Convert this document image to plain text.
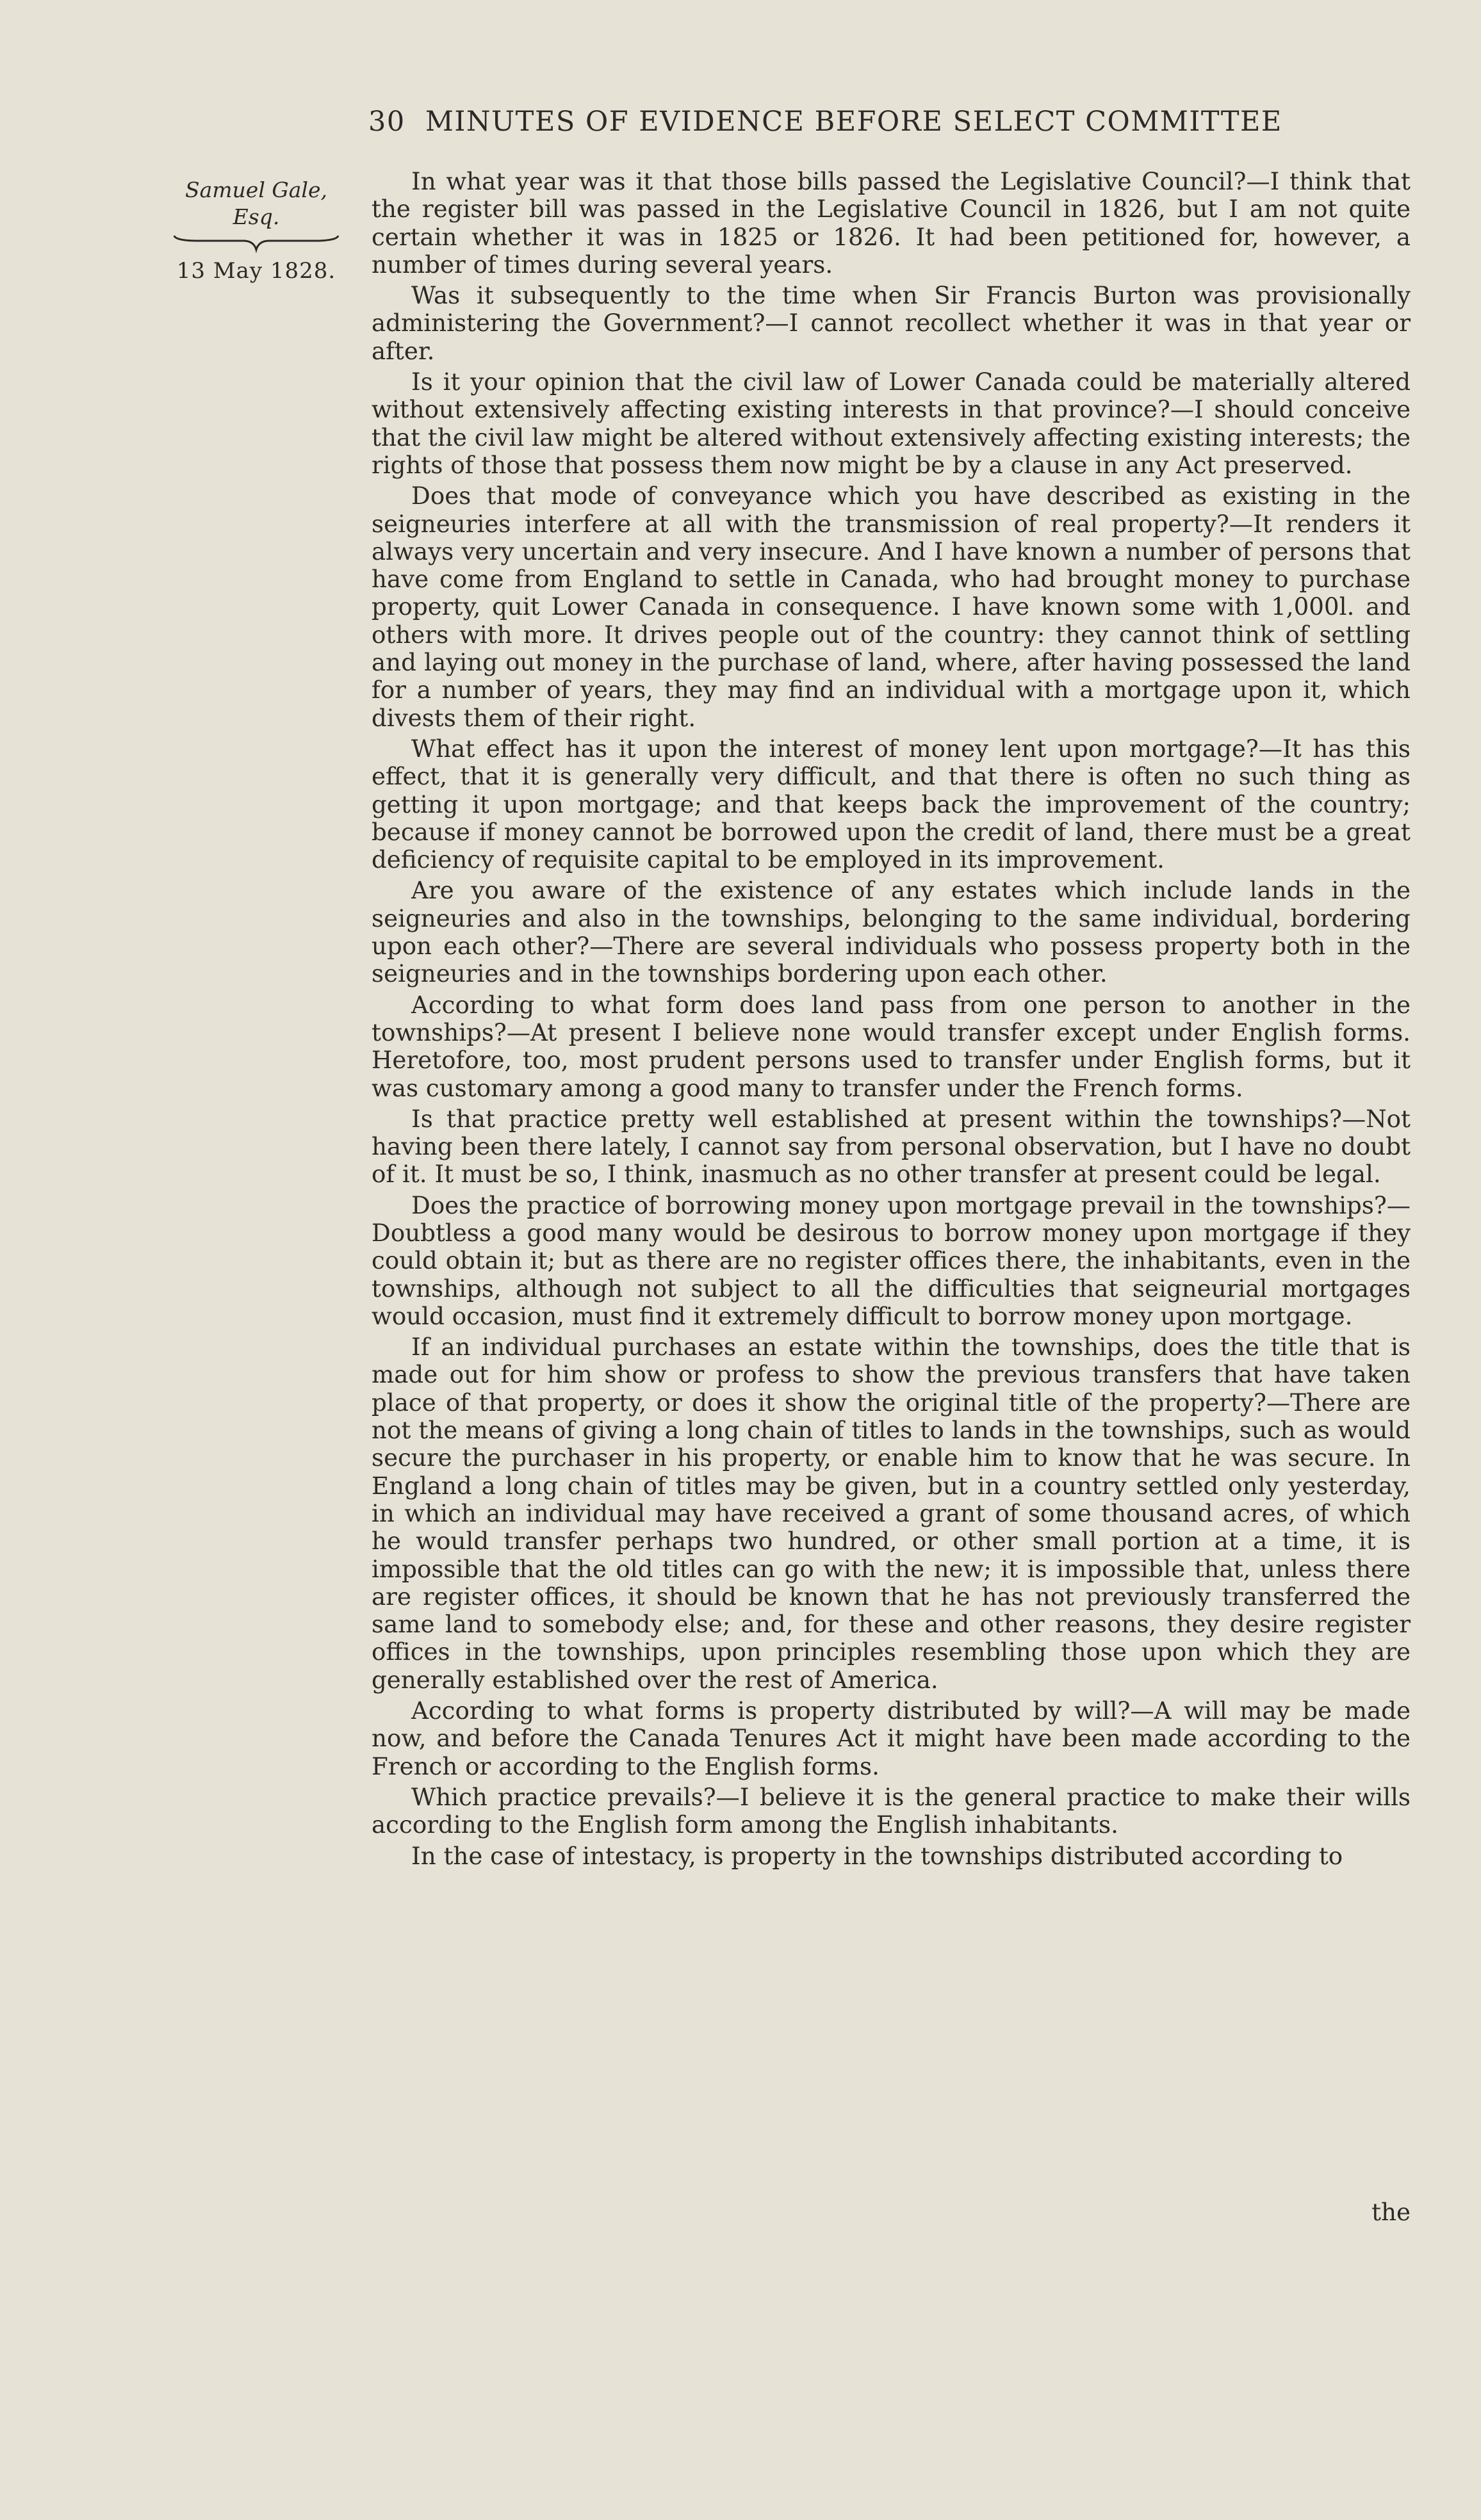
30 MINUTES OF EVIDENCE BEFORE SELECT COMMITTEE
Samuel Gale,
Esq.
13 May 1828.

In what year was it that those bills passed the Legislative Council?—I think that the register bill was passed in the Legislative Council in 1826, but I am not quite certain whether it was in 1825 or 1826. It had been petitioned for, however, a number of times during several years.

Was it subsequently to the time when Sir Francis Burton was provisionally administering the Government?—I cannot recollect whether it was in that year or after.

Is it your opinion that the civil law of Lower Canada could be materially altered without extensively affecting existing interests in that province?—I should conceive that the civil law might be altered without extensively affecting existing interests; the rights of those that possess them now might be by a clause in any Act preserved.

Does that mode of conveyance which you have described as existing in the seigneuries interfere at all with the transmission of real property?—It renders it always very uncertain and very insecure. And I have known a number of persons that have come from England to settle in Canada, who had brought money to purchase property, quit Lower Canada in consequence. I have known some with 1,000l. and others with more. It drives people out of the country: they cannot think of settling and laying out money in the purchase of land, where, after having possessed the land for a number of years, they may find an individual with a mortgage upon it, which divests them of their right.

What effect has it upon the interest of money lent upon mortgage?—It has this effect, that it is generally very difficult, and that there is often no such thing as getting it upon mortgage; and that keeps back the improvement of the country; because if money cannot be borrowed upon the credit of land, there must be a great deficiency of requisite capital to be employed in its improvement.

Are you aware of the existence of any estates which include lands in the seigneuries and also in the townships, belonging to the same individual, bordering upon each other?—There are several individuals who possess property both in the seigneuries and in the townships bordering upon each other.

According to what form does land pass from one person to another in the townships?—At present I believe none would transfer except under English forms. Heretofore, too, most prudent persons used to transfer under English forms, but it was customary among a good many to transfer under the French forms.

Is that practice pretty well established at present within the townships?—Not having been there lately, I cannot say from personal observation, but I have no doubt of it. It must be so, I think, inasmuch as no other transfer at present could be legal.

Does the practice of borrowing money upon mortgage prevail in the townships?—Doubtless a good many would be desirous to borrow money upon mortgage if they could obtain it; but as there are no register offices there, the inhabitants, even in the townships, although not subject to all the difficulties that seigneurial mortgages would occasion, must find it extremely difficult to borrow money upon mortgage.

If an individual purchases an estate within the townships, does the title that is made out for him show or profess to show the previous transfers that have taken place of that property, or does it show the original title of the property?—There are not the means of giving a long chain of titles to lands in the townships, such as would secure the purchaser in his property, or enable him to know that he was secure. In England a long chain of titles may be given, but in a country settled only yesterday, in which an individual may have received a grant of some thousand acres, of which he would transfer perhaps two hundred, or other small portion at a time, it is impossible that the old titles can go with the new; it is impossible that, unless there are register offices, it should be known that he has not previously transferred the same land to somebody else; and, for these and other reasons, they desire register offices in the townships, upon principles resembling those upon which they are generally established over the rest of America.

According to what forms is property distributed by will?—A will may be made now, and before the Canada Tenures Act it might have been made according to the French or according to the English forms.

Which practice prevails?—I believe it is the general practice to make their wills according to the English form among the English inhabitants.

In the case of intestacy, is property in the townships distributed according to

the
